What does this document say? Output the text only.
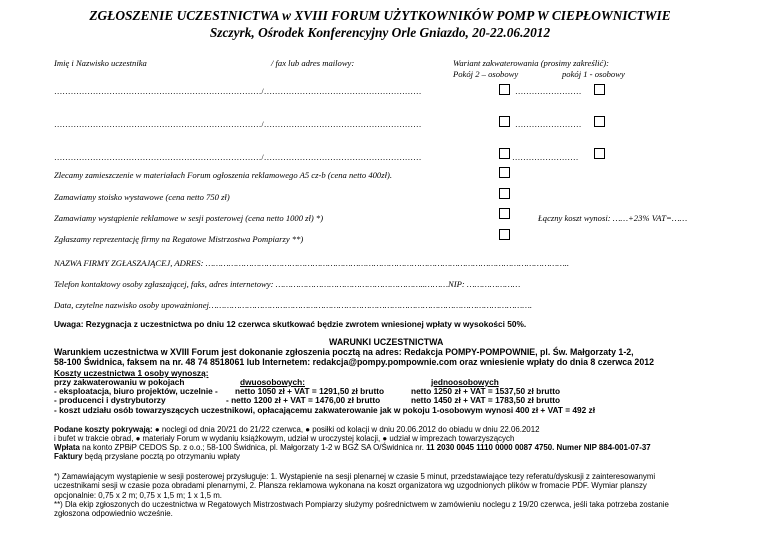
ZGŁOSZENIE UCZESTNICTWA w XVIII FORUM UŻYTKOWNIKÓW POMP W CIEPŁOWNICTWIE
Szczyrk, Ośrodek Konferencyjny Orle Gniazdo, 20-22.06.2012
Imię i Nazwisko uczestnika	/ fax lub adres mailowy:	Wariant zakwaterowania (prosimy zakreślić):
Pokój 2 – osobowy	pokój 1 - osobowy
…………………………………………………………………/…………………………………………………	……………………
…………………………………………………………………/…………………………………………………	……………………
…………………………………………………………………/…………………………………………………	……………………
Zlecamy zamieszczenie w materiałach Forum ogłoszenia reklamowego A5 cz-b (cena netto 400zł).
Zamawiamy stoisko wystawowe (cena netto 750 zł)
Zamawiamy wystąpienie reklamowe w sesji posterowej (cena netto 1000 zł) *)	Łączny koszt wynosi: ……+23% VAT=……
Zgłaszamy reprezentację firmy na Regatowe Mistrzostwa Pompiarzy **)
NAZWA FIRMY ZGŁASZAJĄCEJ, ADRES: ……………………………………………………………………………………………………………………………..
Telefon kontaktowy osoby zgłaszającej, faks, adres internetowy: …………………………………………………..………NIP: …………………
Data, czytelne nazwisko osoby upoważnionej……………………………………………………………………………………………………………….
Uwaga: Rezygnacja z uczestnictwa po dniu 12 czerwca skutkować będzie zwrotem wniesionej wpłaty w wysokości 50%.
WARUNKI UCZESTNICTWA
Warunkiem uczestnictwa w XVIII Forum jest dokonanie zgłoszenia pocztą na adres: Redakcja POMPY-POMPOWNIE, pl. Św. Małgorzaty 1-2,
58-100 Świdnica, faksem na nr. 48 74 8518061 lub Internetem: redakcja@pompy.pompownie.com oraz wniesienie wpłaty do dnia 8 czerwca 2012
Koszty uczestnictwa 1 osoby wynoszą:
przy zakwaterowaniu w pokojach	dwuosobowych:	jednoosobowych
- eksploatacja, biuro projektów, uczelnie - netto 1050 zł + VAT = 1291,50 zł brutto	netto 1250 zł + VAT = 1537,50 zł brutto
- producenci i dystrybutorzy	- netto 1200 zł + VAT = 1476,00 zł brutto	netto 1450 zł + VAT = 1783,50 zł brutto
- koszt udziału osób towarzyszących uczestnikowi, opłacającemu zakwaterowanie jak w pokoju 1-osobowym wynosi 400 zł + VAT = 492 zł
Podane koszty pokrywają: ● noclegi od dnia 20/21 do 21/22 czerwca, ● posiłki od kolacji w dniu 20.06.2012 do obiadu w dniu 22.06.2012
i bufet w trakcie obrad, ● materiały Forum w wydaniu książkowym, udział w uroczystej kolacji, ● udział w imprezach towarzyszących
Wpłata na konto ZPBiP CEDOS Sp. z o.o.; 58-100 Świdnica, pl. Małgorzaty 1-2 w BGŻ SA O/Świdnica nr. 11 2030 0045 1110 0000 0087 4750. Numer NIP 884-001-07-37
Faktury będą przysłane pocztą po otrzymaniu wpłaty
*) Zamawiającym wystąpienie w sesji posterowej przysługuje: 1. Wystąpienie na sesji plenarnej w czasie 5 minut, przedstawiające tezy referatu/dyskusji z zainteresowanymi
uczestnikami sesji w czasie poza obradami plenarnymi, 2. Plansza reklamowa wykonana na koszt organizatora wg uzgodnionych plików w fromacie PDF. Wymiar planszy
opcjonalnie: 0,75 x 2 m; 0,75 x 1,5 m; 1 x 1,5 m.
**) Dla ekip zgłoszonych do uczestnictwa w Regatowych Mistrzostwach Pompiarzy służymy pośrednictwem w zamówieniu noclegu z 19/20 czerwca, jeśli taka potrzeba zostanie
zgłoszona odpowiednio wcześnie.
